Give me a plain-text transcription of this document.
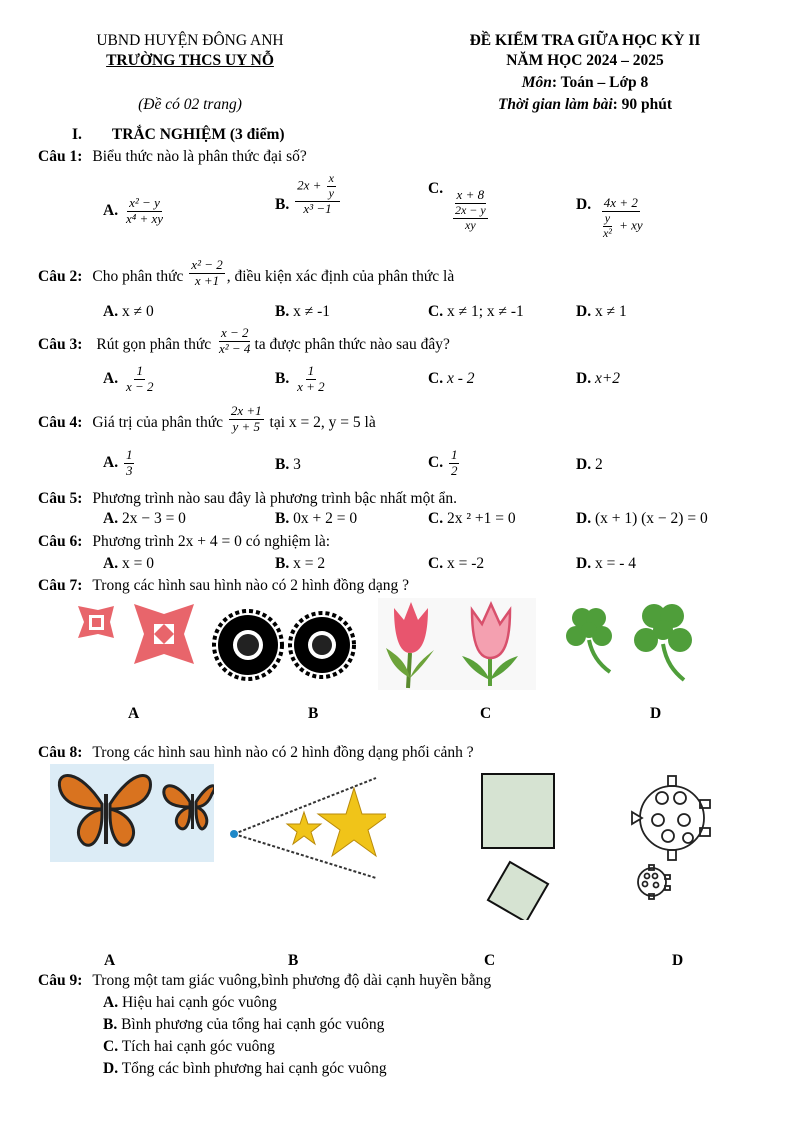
UBND HUYỆN ĐÔNG ANH
TRƯỜNG THCS UY NỖ
(Đề có 02 trang)
ĐỀ KIỂM TRA GIỮA HỌC KỲ II
NĂM HỌC 2024 – 2025
Môn: Toán – Lớp 8
Thời gian làm bài: 90 phút
I. TRẮC NGHIỆM (3 điểm)
Câu 1: Biểu thức nào là phân thức đại số?
A. $\frac{\text{x² − y}}{\text{x⁴ + xy}}$	B. $\frac{2x + \frac{x}{y}}{\text{x³ −1}}$	C. $\frac{x + 8}{\frac{2x - y}{xy}}$	D. $\frac{4x + 2}{\frac{y}{\text{x²}} + xy}$
Câu 2: Cho phân thức $\frac{\text{x² − 2}}{x +1}$ , điều kiện xác định của phân thức là
A. x ≠ 0	B. x ≠ -1	C. x ≠ 1; x ≠ -1	D. x ≠ 1
Câu 3: Rút gọn phân thức $\frac{x - 2}{\text{x² − 4}}$ ta được phân thức nào sau đây?
A. $\frac{1}{x - 2}$	B. $\frac{1}{x + 2}$	C. x - 2	D. x+2
Câu 4: Giá trị của phân thức $\frac{2x +1}{y + 5}$ tại x = 2, y = 5 là
A. $\frac{1}{3}$	B. 3	C. $\frac{1}{2}$	D. 2
Câu 5: Phương trình nào sau đây là phương trình bậc nhất một ẩn.
A. 2x − 3 = 0	B. 0x + 2 = 0	C. 2x ² +1 = 0	D. (x + 1) (x − 2) = 0
Câu 6: Phương trình 2x + 4 = 0 có nghiệm là:
A. x = 0	B. x = 2	C. x = -2	D. x = - 4
Câu 7: Trong các hình sau hình nào có 2 hình đồng dạng ?
A	B	C	D
Câu 8: Trong các hình sau hình nào có 2 hình đồng dạng phối cảnh ?
A	B	C	D
Câu 9: Trong một tam giác vuông,bình phương độ dài cạnh huyền bằng
A. Hiệu hai cạnh góc vuông
B. Bình phương của tổng hai cạnh góc vuông
C. Tích hai cạnh góc vuông
D. Tổng các bình phương hai cạnh góc vuông
